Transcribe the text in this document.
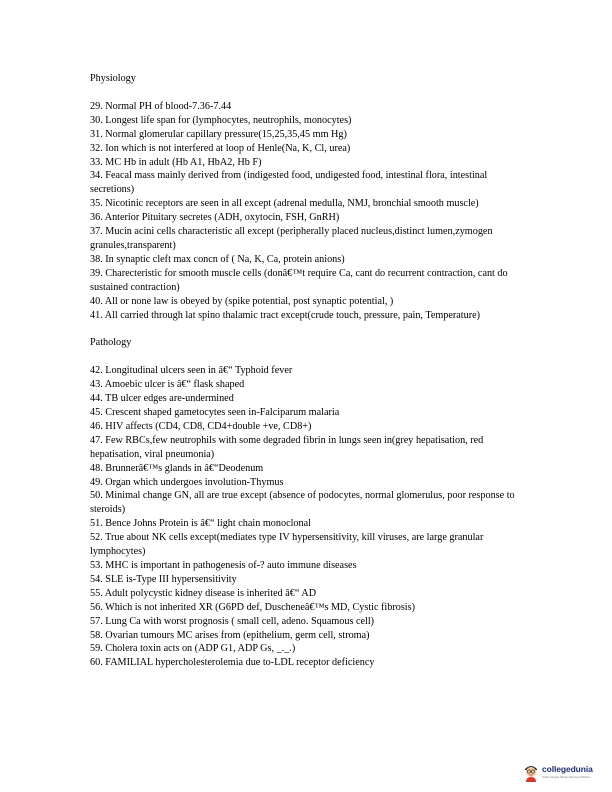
Physiology

29. Normal PH of blood-7.36-7.44

30. Longest life span for (lymphocytes, neutrophils, monocytes)

31. Normal glomerular capillary pressure(15,25,35,45 mm Hg)

32. Ion which is not interfered at loop of Henle(Na, K, Cl, urea)

33. MC Hb in adult (Hb A1, HbA2, Hb F)

34. Feacal mass mainly derived from (indigested food, undigested food, intestinal flora, intestinal secretions)

35. Nicotinic receptors are seen in all except (adrenal medulla, NMJ, bronchial smooth muscle)

36. Anterior Pituitary secretes (ADH, oxytocin, FSH, GnRH)

37. Mucin acini cells characteristic all except (peripherally placed nucleus,distinct lumen,zymogen granules,transparent)

38. In synaptic cleft max concn of ( Na, K, Ca, protein anions)

39. Charecteristic for smooth muscle cells (donâ€™t require Ca, cant do recurrent contraction, cant do sustained contraction)

40. All or none law is obeyed by (spike potential, post synaptic potential, )

41. All carried through lat spino thalamic tract except(crude touch, pressure, pain, Temperature)

Pathology

42. Longitudinal ulcers seen in â€“ Typhoid fever

43. Amoebic ulcer is â€“ flask shaped

44. TB ulcer edges are-undermined

45. Crescent shaped gametocytes seen in-Falciparum malaria

46. HIV affects (CD4, CD8, CD4+double +ve, CD8+)

47. Few RBCs,few neutrophils with some degraded fibrin in lungs seen in(grey hepatisation, red hepatisation, viral pneumonia)

48. Brunnerâ€™s glands in â€“Deodenum

49. Organ which undergoes involution-Thymus

50. Minimal change GN, all are true except (absence of podocytes, normal glomerulus, poor response to steroids)

51. Bence Johns Protein is â€“ light chain monoclonal

52. True about NK cells except(mediates type IV hypersensitivity, kill viruses, are large granular lymphocytes)

53. MHC is important in pathogenesis of-? auto immune diseases

54. SLE is-Type III hypersensitivity

55. Adult polycystic kidney disease is inherited â€“ AD

56. Which is not inherited XR (G6PD def, Duscheneâ€™s MD, Cystic fibrosis)

57. Lung Ca with worst prognosis ( small cell, adeno. Squamous cell)

58. Ovarian tumours MC arises from (epithelium, germ cell, stroma)

59. Cholera toxin acts on (ADP G1, ADP Gs, _._.)

60. FAMILIAL hypercholesterolemia due to-LDL receptor deficiency

collegedunia
India's largest Student Review Platform
